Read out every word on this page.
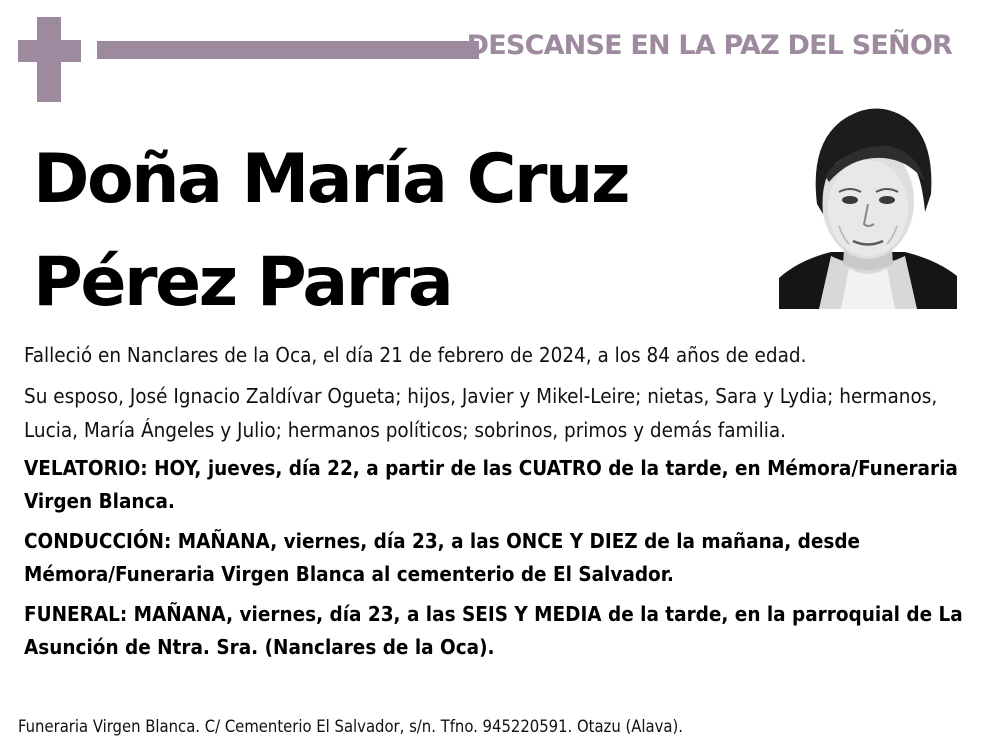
DESCANSE EN LA PAZ DEL SEÑOR
Doña María Cruz
Pérez Parra

Falleció en Nanclares de la Oca, el día 21 de febrero de 2024, a los 84 años de edad.

Su esposo, José Ignacio Zaldívar Ogueta; hijos, Javier y Mikel-Leire; nietas, Sara y Lydia; hermanos, Lucia, María Ángeles y Julio; hermanos políticos; sobrinos, primos y demás familia.

VELATORIO: HOY, jueves, día 22, a partir de las CUATRO de la tarde, en Mémora/Funeraria Virgen Blanca.

CONDUCCIÓN: MAÑANA, viernes, día 23, a las ONCE Y DIEZ de la mañana, desde Mémora/Funeraria Virgen Blanca al cementerio de El Salvador.

FUNERAL: MAÑANA, viernes, día 23, a las SEIS Y MEDIA de la tarde, en la parroquial de La Asunción de Ntra. Sra. (Nanclares de la Oca).

Funeraria Virgen Blanca. C/ Cementerio El Salvador, s/n. Tfno. 945220591. Otazu (Alava).
